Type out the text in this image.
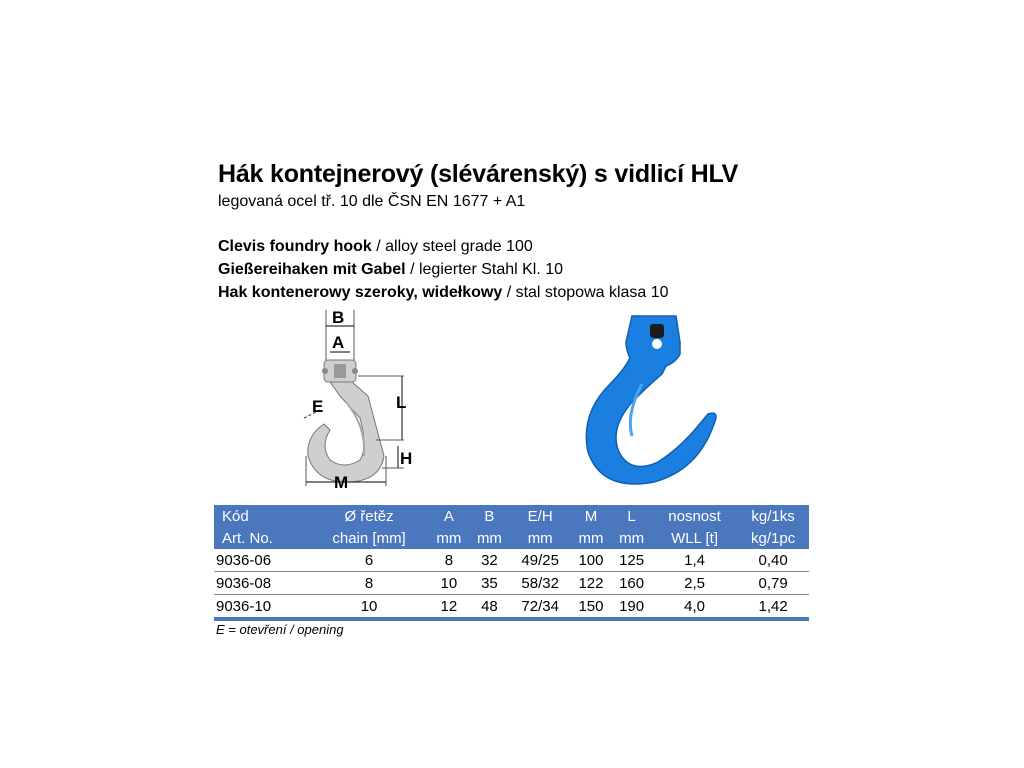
Hák kontejnerový (slévárenský) s vidlicí HLV
legovaná ocel tř. 10 dle ČSN EN 1677 + A1
Clevis foundry hook / alloy steel grade 100
Gießereihaken mit Gabel / legierter Stahl Kl. 10
Hak kontenerowy szeroky, widełkowy / stal stopowa klasa 10
B
A
E	L
H
M
Kód	Ø řetěz	A	B	E/H	M	L	nosnost	kg/1ks
Art. No.	chain [mm]	mm	mm	mm	mm	mm	WLL [t]	kg/1pc
9036-06	6	8	32	49/25	100	125	1,4	0,40
9036-08	8	10	35	58/32	122	160	2,5	0,79
9036-10	10	12	48	72/34	150	190	4,0	1,42
E = otevření / opening
